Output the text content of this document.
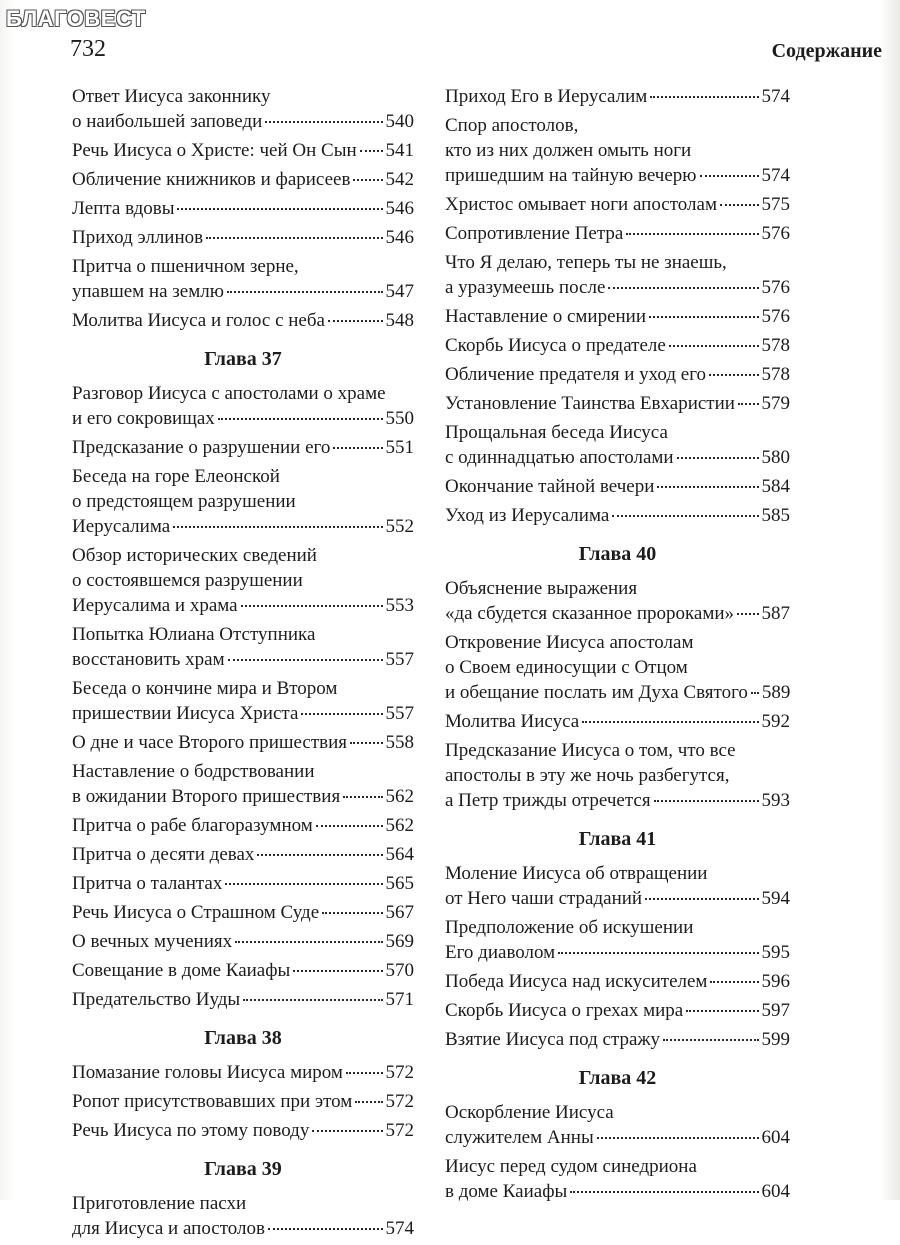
БЛАГОВЕСТ
732	Содержание
Ответ Иисуса законнику
о наибольшей заповеди	540
Речь Иисуса о Христе: чей Он Сын 541
Обличение книжников и фарисеев 542
Лепта вдовы	546
Приход эллинов	546
Притча о пшеничном зерне,
упавшем на землю	547
Молитва Иисуса и голос с неба	548
Глава 37
Разговор Иисуса с апостолами о храме
и его сокровищах	550
Предсказание о разрушении его	551
Беседа на горе Елеонской
о предстоящем разрушении
Иерусалима	552
Обзор исторических сведений
о состоявшемся разрушении
Иерусалима и храма	553
Попытка Юлиана Отступника
восстановить храм	557
Беседа о кончине мира и Втором
пришествии Иисуса Христа	557
О дне и часе Второго пришествия 558
Наставление о бодрствовании
в ожидании Второго пришествия 562
Притча о рабе благоразумном	562
Притча о десяти девах	564
Притча о талантах	565
Речь Иисуса о Страшном Суде	567
О вечных мучениях	569
Совещание в доме Каиафы	570
Предательство Иуды	571
Глава 38
Помазание головы Иисуса миром 572
Ропот присутствовавших при этом 572
Речь Иисуса по этому поводу	572
Глава 39
Приготовление пасхи
для Иисуса и апостолов	574
Приход Его в Иерусалим	574
Спор апостолов,
кто из них должен омыть ноги
пришедшим на тайную вечерю	574
Христос омывает ноги апостолам 575
Сопротивление Петра	576
Что Я делаю, теперь ты не знаешь,
а уразумеешь после	576
Наставление о смирении	576
Скорбь Иисуса о предателе	578
Обличение предателя и уход его	578
Установление Таинства Евхаристии 579
Прощальная беседа Иисуса
с одиннадцатью апостолами	580
Окончание тайной вечери	584
Уход из Иерусалима	585
Глава 40
Объяснение выражения
«да сбудется сказанное пророками» 587
Откровение Иисуса апостолам
о Своем единосущии с Отцом
и обещание послать им Духа Святого 589
Молитва Иисуса	592
Предсказание Иисуса о том, что все
апостолы в эту же ночь разбегутся,
а Петр трижды отречется	593
Глава 41
Моление Иисуса об отвращении
от Него чаши страданий	594
Предположение об искушении
Его диаволом	595
Победа Иисуса над искусителем	596
Скорбь Иисуса о грехах мира	597
Взятие Иисуса под стражу	599
Глава 42
Оскорбление Иисуса
служителем Анны	604
Иисус перед судом синедриона
в доме Каиафы	604
